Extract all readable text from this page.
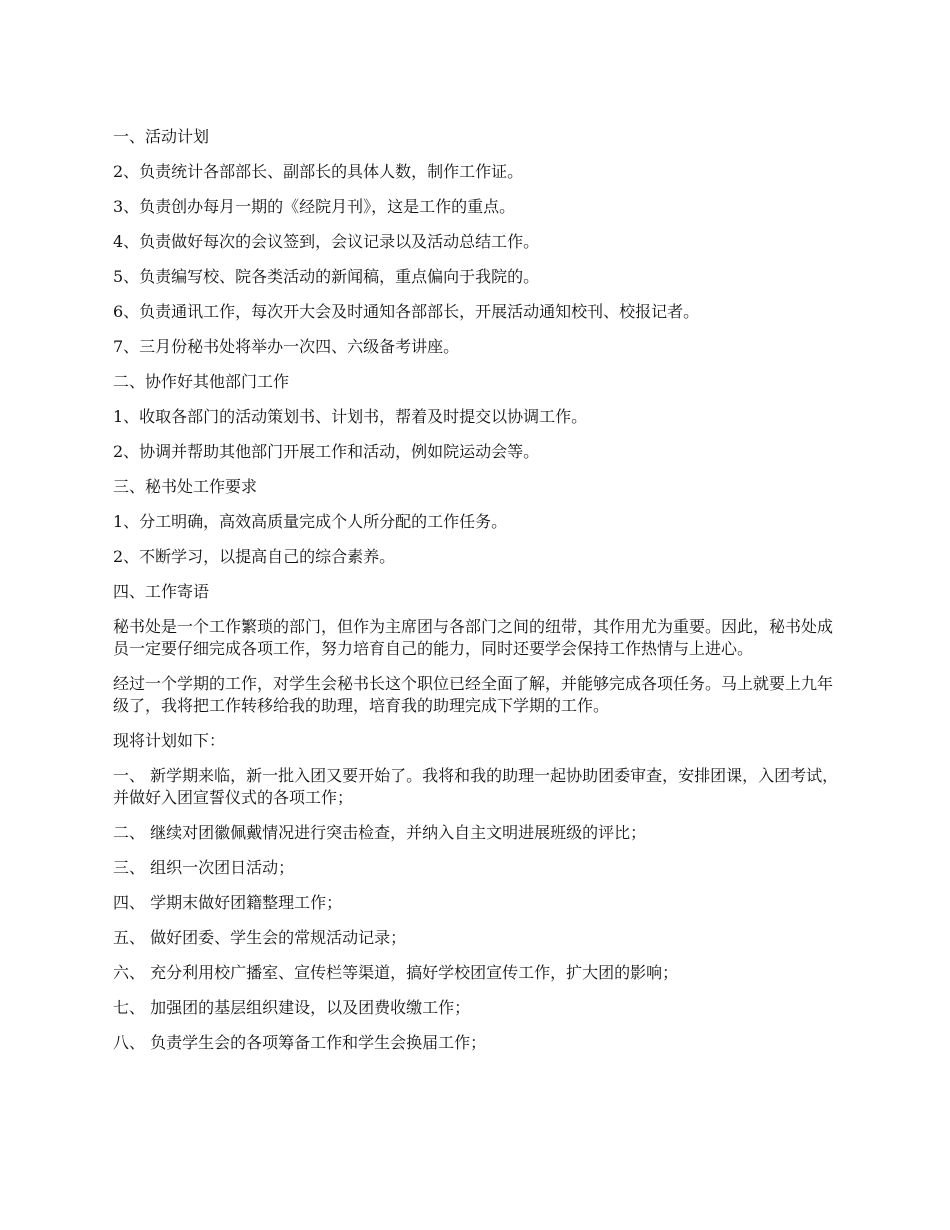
一、活动计划

2、负责统计各部部长、副部长的具体人数，制作工作证。

3、负责创办每月一期的《经院月刊》，这是工作的重点。

4、负责做好每次的会议签到，会议记录以及活动总结工作。

5、负责编写校、院各类活动的新闻稿，重点偏向于我院的。

6、负责通讯工作，每次开大会及时通知各部部长，开展活动通知校刊、校报记者。

7、三月份秘书处将举办一次四、六级备考讲座。

二、协作好其他部门工作

1、收取各部门的活动策划书、计划书，帮着及时提交以协调工作。

2、协调并帮助其他部门开展工作和活动，例如院运动会等。

三、秘书处工作要求

1、分工明确，高效高质量完成个人所分配的工作任务。

2、不断学习，以提高自己的综合素养。

四、工作寄语

秘书处是一个工作繁琐的部门，但作为主席团与各部门之间的纽带，其作用尤为重要。因此，秘书处成员一定要仔细完成各项工作，努力培育自己的能力，同时还要学会保持工作热情与上进心。

经过一个学期的工作，对学生会秘书长这个职位已经全面了解，并能够完成各项任务。马上就要上九年级了，我将把工作转移给我的助理，培育我的助理完成下学期的工作。

现将计划如下：

一、 新学期来临，新一批入团又要开始了。我将和我的助理一起协助团委审查，安排团课，入团考试，并做好入团宣誓仪式的各项工作；

二、 继续对团徽佩戴情况进行突击检查，并纳入自主文明进展班级的评比；

三、 组织一次团日活动；

四、 学期末做好团籍整理工作；

五、 做好团委、学生会的常规活动记录；

六、 充分利用校广播室、宣传栏等渠道，搞好学校团宣传工作，扩大团的影响；

七、 加强团的基层组织建设，以及团费收缴工作；

八、 负责学生会的各项筹备工作和学生会换届工作；
